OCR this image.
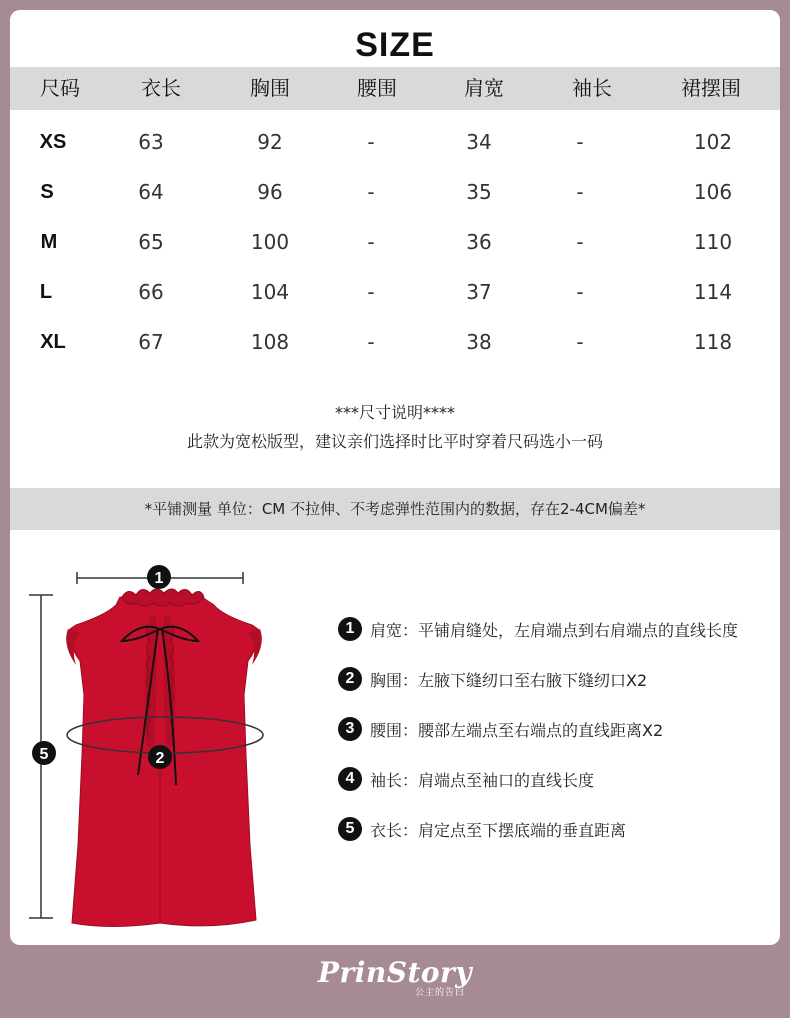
SIZE
尺码	衣长	胸围	腰围	肩宽	袖长	裙摆围
XS	63	92	-	34	-	102
S	64	96	-	35	-	106
M	65	100	-	36	-	110
L	66	104	-	37	-	114
XL	67	108	-	38	-	118
***尺寸说明****
此款为宽松版型，建议亲们选择时比平时穿着尺码选小一码
*平铺测量 单位：CM 不拉伸、不考虑弹性范围内的数据，存在2-4CM偏差*
1
2
5
1 肩宽：平铺肩缝处，左肩端点到右肩端点的直线长度
2 胸围：左腋下缝纫口至右腋下缝纫口X2
3 腰围：腰部左端点至右端点的直线距离X2
4 袖长：肩端点至袖口的直线长度
5 衣长：肩定点至下摆底端的垂直距离
PrinStory
公主的告白
